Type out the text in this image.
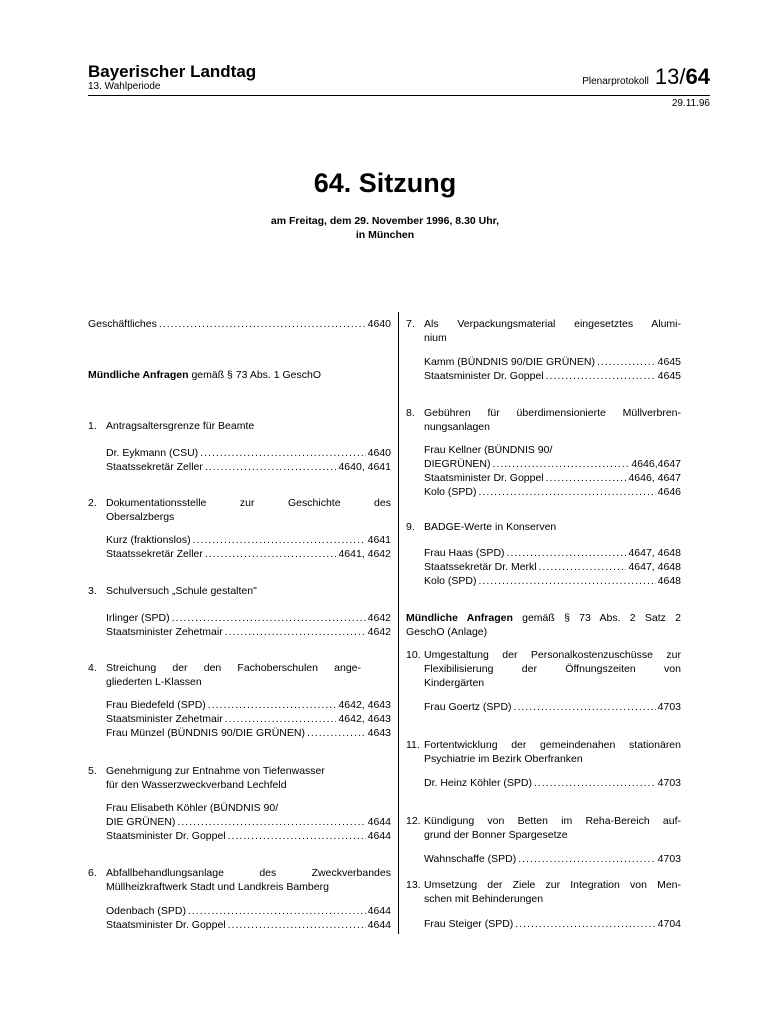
Bayerischer Landtag
13. Wahlperiode	Plenarprotokoll 13/64
29.11.96
64. Sitzung
am Freitag, dem 29. November 1996, 8.30 Uhr,
in München
Geschäftliches .....	4640
Mündliche Anfragen gemäß § 73 Abs. 1 GeschO
1. Antragsaltersgrenze für Beamte
Dr. Eykmann (CSU) .....	4640
Staatssekretär Zeller .....	4640, 4641
2. Dokumentationsstelle zur Geschichte des
Obersalzbergs
Kurz (fraktionslos) .....	4641
Staatssekretär Zeller .....	4641, 4642
3. Schulversuch „Schule gestalten"
Irlinger (SPD) .....	4642
Staatsminister Zehetmair .....	4642
4. Streichung der den Fachoberschulen ange-
gliederten L-Klassen
Frau Biedefeld (SPD) .....	4642, 4643
Staatsminister Zehetmair .....	4642, 4643
Frau Münzel (BÜNDNIS 90/DIE GRÜNEN) .....	4643
5. Genehmigung zur Entnahme von Tiefenwasser
für den Wasserzweckverband Lechfeld
Frau Elisabeth Köhler (BÜNDNIS 90/
DIE GRÜNEN) .....	4644
Staatsminister Dr. Goppel .....	4644
6. Abfallbehandlungsanlage des Zweckverbandes
Müllheizkraftwerk Stadt und Landkreis Bamberg
Odenbach (SPD) .....	4644
Staatsminister Dr. Goppel .....	4644
7. Als Verpackungsmaterial eingesetztes Alumi-
nium
Kamm (BÜNDNIS 90/DIE GRÜNEN) .....	4645
Staatsminister Dr. Goppel .....	4645
8. Gebühren für überdimensionierte Müllverbren-
nungsanlagen
Frau Kellner (BÜNDNIS 90/
DIEGRÜNEN) .....	4646,4647
Staatsminister Dr. Goppel .....	4646, 4647
Kolo (SPD) .....	4646
9. BADGE-Werte in Konserven
Frau Haas (SPD) .....	4647, 4648
Staatssekretär Dr. Merkl .....	4647, 4648
Kolo (SPD) .....	4648
Mündliche Anfragen gemäß § 73 Abs. 2 Satz 2
GeschO (Anlage)
10. Umgestaltung der Personalkostenzuschüsse zur
Flexibilisierung der Öffnungszeiten von
Kindergärten
Frau Goertz (SPD) .....	4703
11. Fortentwicklung der gemeindenahen stationären
Psychiatrie im Bezirk Oberfranken
Dr. Heinz Köhler (SPD) .....	4703
12. Kündigung von Betten im Reha-Bereich auf-
grund der Bonner Spargesetze
Wahnschaffe (SPD) .....	4703
13. Umsetzung der Ziele zur Integration von Men-
schen mit Behinderungen
Frau Steiger (SPD) .....	4704
